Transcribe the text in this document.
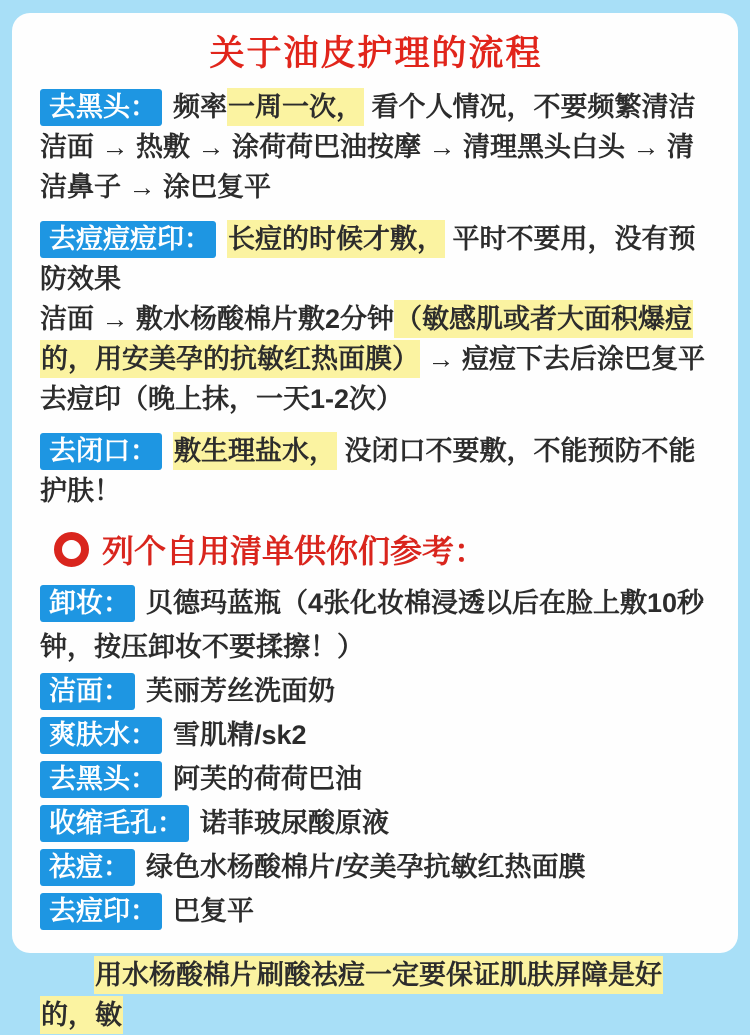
关于油皮护理的流程

去黑头： 频率一周一次， 看个人情况，不要频繁清洁

洁面 → 热敷 → 涂荷荷巴油按摩 → 清理黑头白头 → 清洁鼻子 → 涂巴复平

去痘痘痘印： 长痘的时候才敷， 平时不要用，没有预防效果

洁面 → 敷水杨酸棉片敷2分钟（敏感肌或者大面积爆痘的，用安美孕的抗敏红热面膜） → 痘痘下去后涂巴复平去痘印（晚上抹，一天1-2次）

去闭口： 敷生理盐水， 没闭口不要敷，不能预防不能护肤！

列个自用清单供你们参考：

卸妆： 贝德玛蓝瓶（4张化妆棉浸透以后在脸上敷10秒钟，按压卸妆不要揉擦！）

洁面： 芙丽芳丝洗面奶

爽肤水： 雪肌精/sk2

去黑头： 阿芙的荷荷巴油

收缩毛孔： 诺菲玻尿酸原液

祛痘： 绿色水杨酸棉片/安美孕抗敏红热面膜

去痘印： 巴复平

用水杨酸棉片刷酸祛痘一定要保证肌肤屏障是好的，敏
